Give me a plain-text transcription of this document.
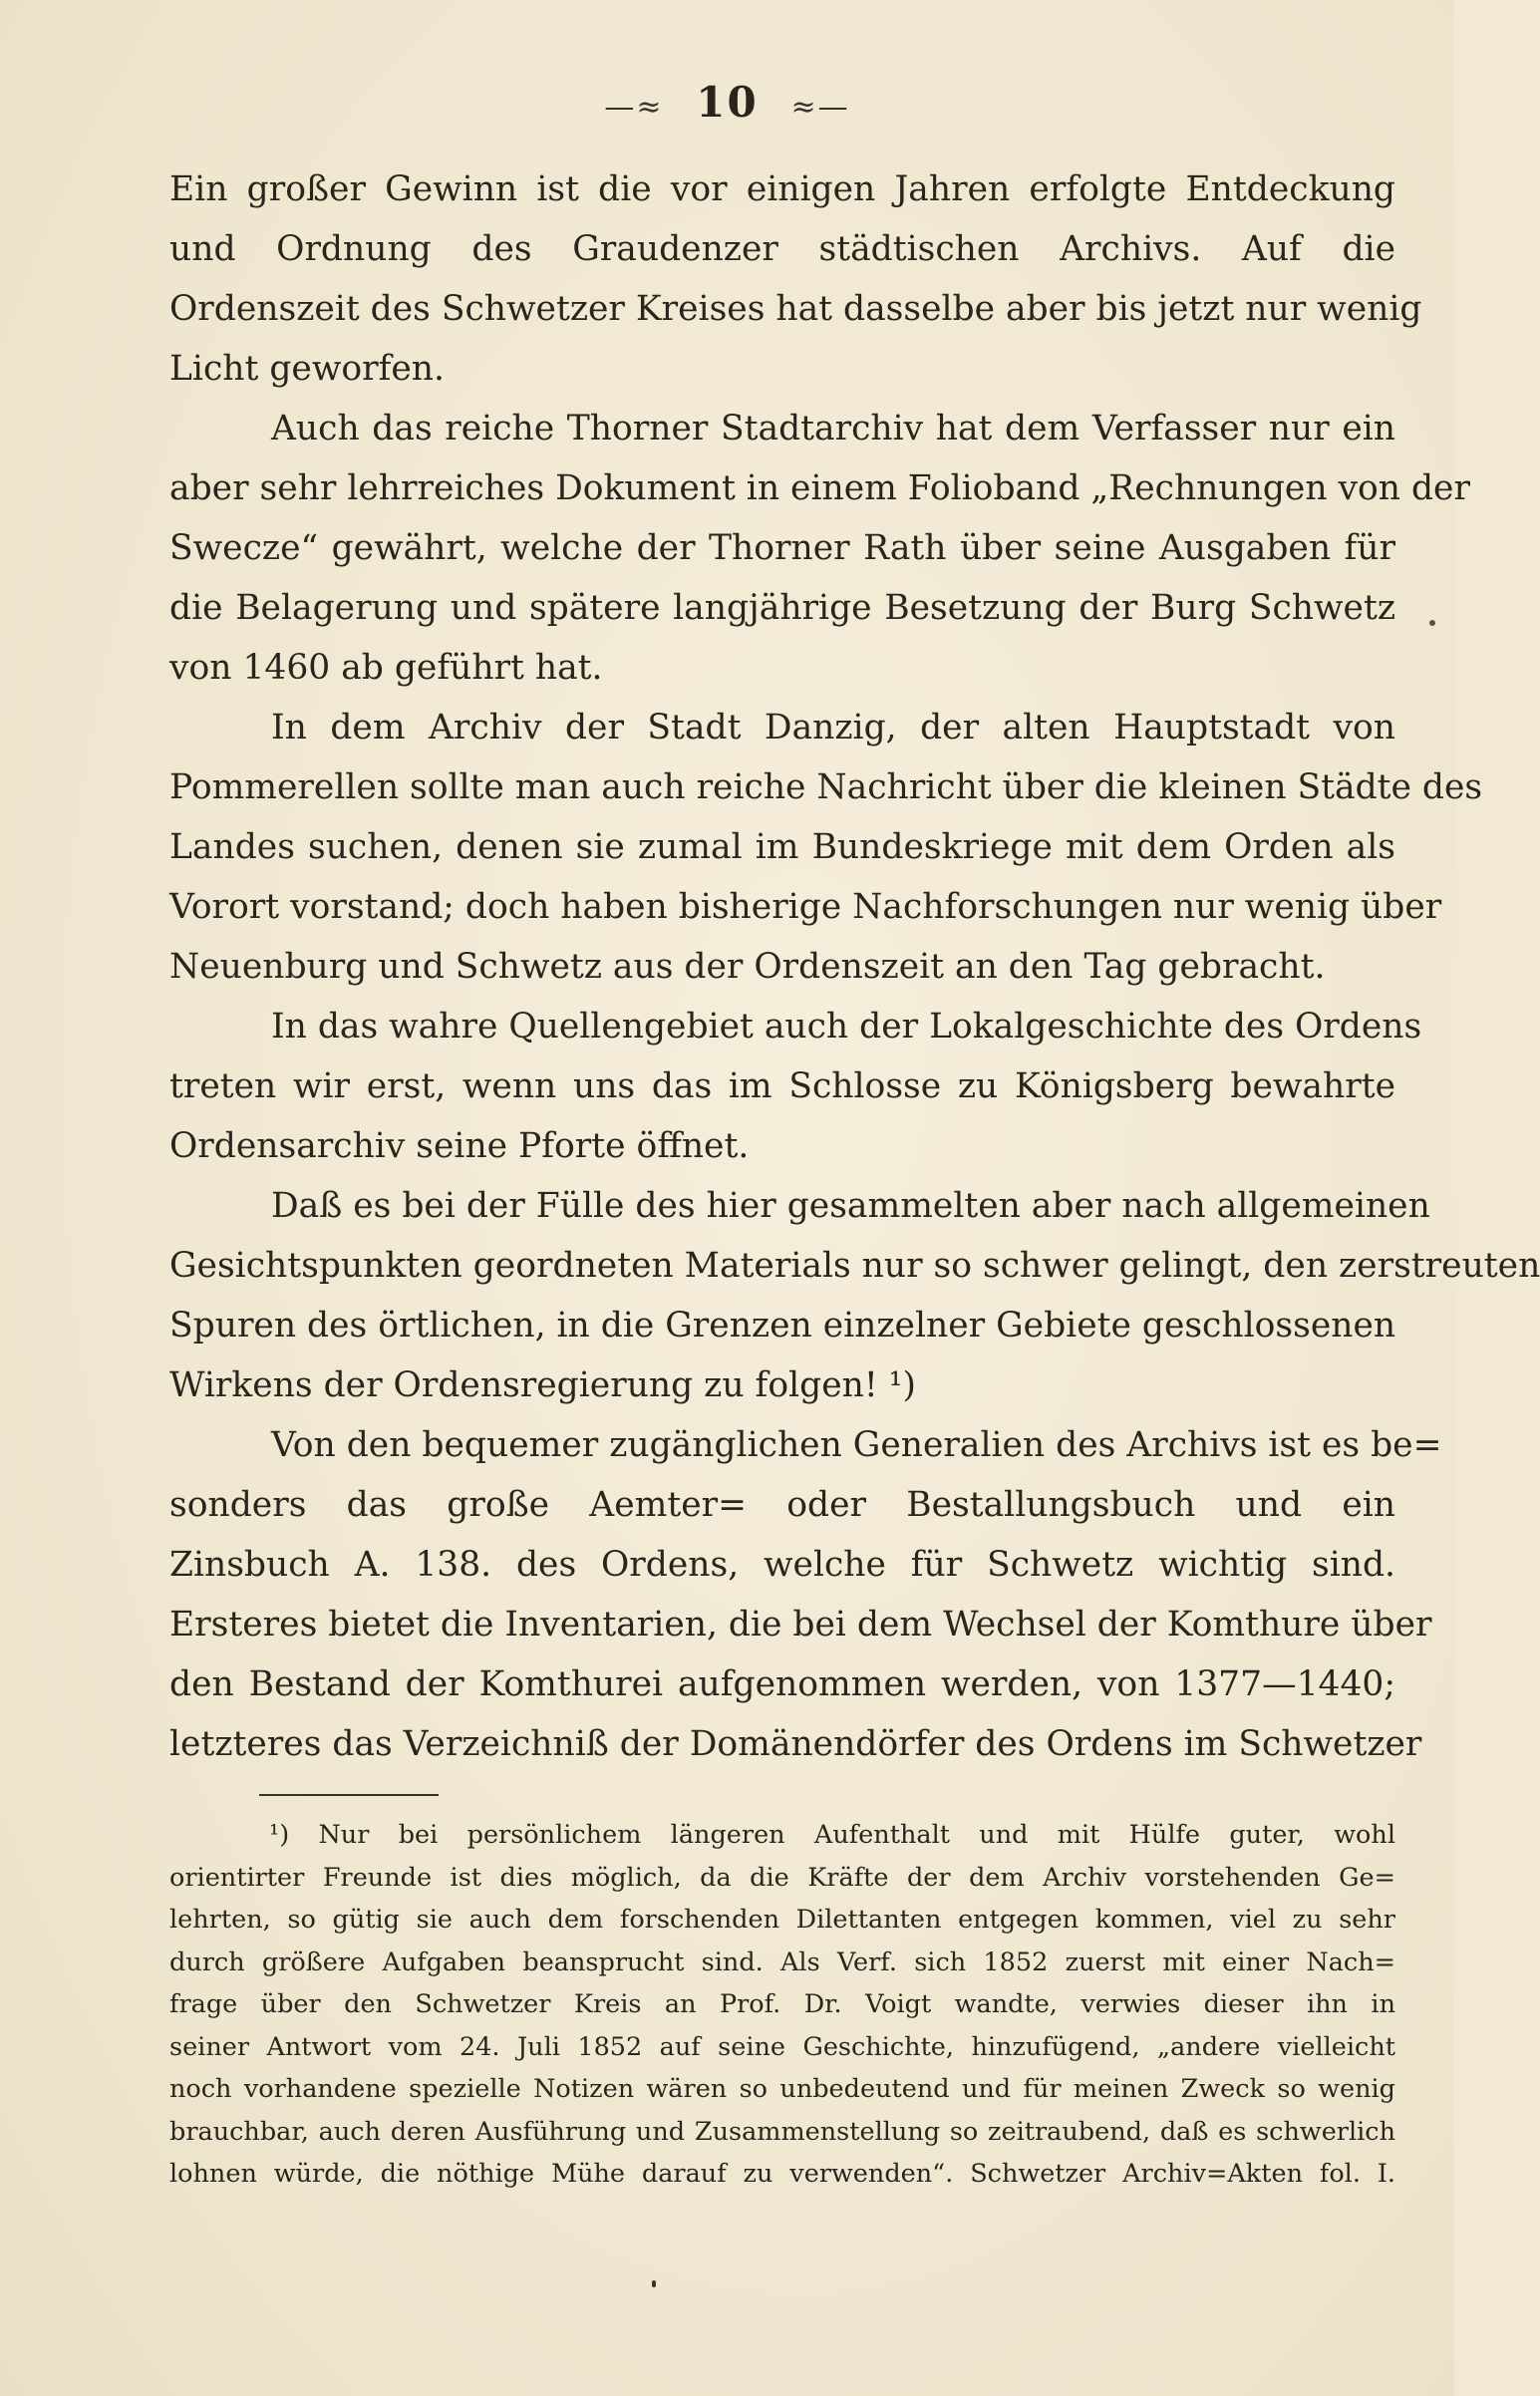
—≈ 10 ≈—
Ein großer Gewinn ist die vor einigen Jahren erfolgte Entdeckung
und Ordnung des Graudenzer städtischen Archivs. Auf die
Ordenszeit des Schwetzer Kreises hat dasselbe aber bis jetzt nur wenig
Licht geworfen.
Auch das reiche Thorner Stadtarchiv hat dem Verfasser nur ein
aber sehr lehrreiches Dokument in einem Folioband „Rechnungen von der
Swecze“ gewährt, welche der Thorner Rath über seine Ausgaben für
die Belagerung und spätere langjährige Besetzung der Burg Schwetz
von 1460 ab geführt hat.
In dem Archiv der Stadt Danzig, der alten Hauptstadt von
Pommerellen sollte man auch reiche Nachricht über die kleinen Städte des
Landes suchen, denen sie zumal im Bundeskriege mit dem Orden als
Vorort vorstand; doch haben bisherige Nachforschungen nur wenig über
Neuenburg und Schwetz aus der Ordenszeit an den Tag gebracht.
In das wahre Quellengebiet auch der Lokalgeschichte des Ordens
treten wir erst, wenn uns das im Schlosse zu Königsberg bewahrte
Ordensarchiv seine Pforte öffnet.
Daß es bei der Fülle des hier gesammelten aber nach allgemeinen
Gesichtspunkten geordneten Materials nur so schwer gelingt, den zerstreuten
Spuren des örtlichen, in die Grenzen einzelner Gebiete geschlossenen
Wirkens der Ordensregierung zu folgen! ¹)
Von den bequemer zugänglichen Generalien des Archivs ist es be=
sonders das große Aemter= oder Bestallungsbuch und ein
Zinsbuch A. 138. des Ordens, welche für Schwetz wichtig sind.
Ersteres bietet die Inventarien, die bei dem Wechsel der Komthure über
den Bestand der Komthurei aufgenommen werden, von 1377—1440;
letzteres das Verzeichniß der Domänendörfer des Ordens im Schwetzer
¹) Nur bei persönlichem längeren Aufenthalt und mit Hülfe guter, wohl
orientirter Freunde ist dies möglich, da die Kräfte der dem Archiv vorstehenden Ge=
lehrten, so gütig sie auch dem forschenden Dilettanten entgegen kommen, viel zu sehr
durch größere Aufgaben beansprucht sind. Als Verf. sich 1852 zuerst mit einer Nach=
frage über den Schwetzer Kreis an Prof. Dr. Voigt wandte, verwies dieser ihn in
seiner Antwort vom 24. Juli 1852 auf seine Geschichte, hinzufügend, „andere vielleicht
noch vorhandene spezielle Notizen wären so unbedeutend und für meinen Zweck so wenig
brauchbar, auch deren Ausführung und Zusammenstellung so zeitraubend, daß es schwerlich
lohnen würde, die nöthige Mühe darauf zu verwenden“. Schwetzer Archiv=Akten fol. I.
